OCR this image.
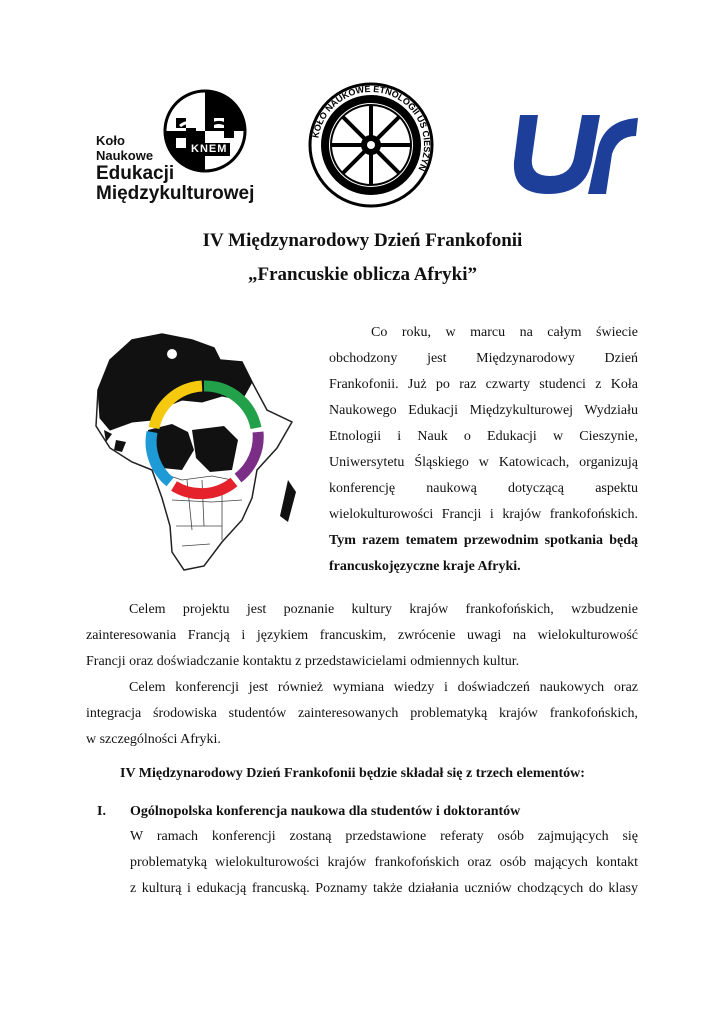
KNEM
Koło
Naukowe
Edukacji
Międzykulturowej
KOŁO NAUKOWE ETNOLOGII UŚ CIESZYN
IV Międzynarodowy Dzień Frankofonii
„Francuskie oblicza Afryki”
Co roku, w marcu na całym świecie
obchodzony jest Międzynarodowy Dzień
Frankofonii. Już po raz czwarty studenci z Koła
Naukowego Edukacji Międzykulturowej Wydziału
Etnologii i Nauk o Edukacji w Cieszynie,
Uniwersytetu Śląskiego w Katowicach, organizują
konferencję naukową dotyczącą aspektu
wielokulturowości Francji i krajów frankofońskich.
Tym razem tematem przewodnim spotkania będą
francuskojęzyczne kraje Afryki.
Celem projektu jest poznanie kultury krajów frankofońskich, wzbudzenie
zainteresowania Francją i językiem francuskim, zwrócenie uwagi na wielokulturowość
Francji oraz doświadczanie kontaktu z przedstawicielami odmiennych kultur.
Celem konferencji jest również wymiana wiedzy i doświadczeń naukowych oraz
integracja środowiska studentów zainteresowanych problematyką krajów frankofońskich,
w szczególności Afryki.
IV Międzynarodowy Dzień Frankofonii będzie składał się z trzech elementów:
I. Ogólnopolska konferencja naukowa dla studentów i doktorantów
W ramach konferencji zostaną przedstawione referaty osób zajmujących się
problematyką wielokulturowości krajów frankofońskich oraz osób mających kontakt
z kulturą i edukacją francuską. Poznamy także działania uczniów chodzących do klasy
